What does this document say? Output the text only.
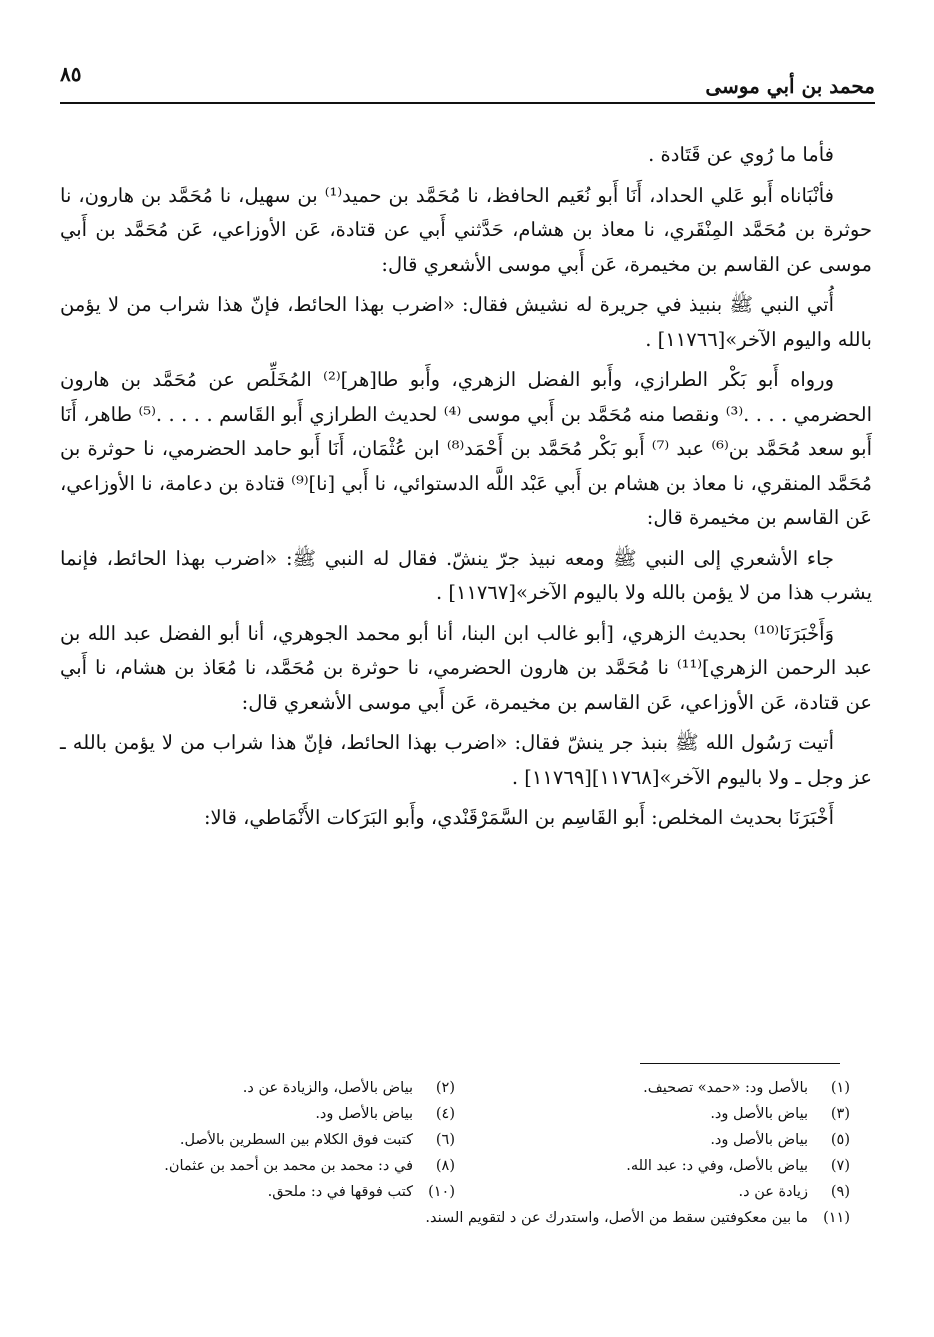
محمد بن أبي موسى
٨٥

فأما ما رُوي عن قَتَادة .

فأنْبَاناه أَبو عَلي الحداد، أَنَا أَبو نُعَيم الحافظ، نا مُحَمَّد بن حميد⁽¹⁾ بن سهيل، نا مُحَمَّد بن هارون، نا حوثرة بن مُحَمَّد المِنْقَري، نا معاذ بن هشام، حَدَّثني أَبي عن قتادة، عَن الأوزاعي، عَن مُحَمَّد بن أَبي موسى عن القاسم بن مخيمرة، عَن أَبي موسى الأشعري قال:

أُتي النبي ﷺ بنبيذ في جريرة له نشيش فقال: «اضرب بهذا الحائط، فإنّ هذا شراب من لا يؤمن بالله واليوم الآخر»[١١٧٦٦] .

ورواه أَبو بَكْر الطرازي، وأَبو الفضل الزهري، وأَبو طا[هر]⁽²⁾ المُخَلِّص عن مُحَمَّد بن هارون الحضرمي . . . .⁽³⁾ ونقصا منه مُحَمَّد بن أَبي موسى ⁽⁴⁾ لحديث الطرازي أَبو القَاسم . . . . .⁽⁵⁾ طاهر، أَنَا أَبو سعد مُحَمَّد بن⁽⁶⁾ عبد ⁽⁷⁾ أَبو بَكْر مُحَمَّد بن أَحْمَد⁽⁸⁾ ابن عُثْمَان، أَنَا أَبو حامد الحضرمي، نا حوثرة بن مُحَمَّد المنقري، نا معاذ بن هشام بن أَبي عَبْد اللَّه الدستوائي، نا أَبي [نا]⁽⁹⁾ قتادة بن دعامة، نا الأوزاعي، عَن القاسم بن مخيمرة قال:

جاء الأشعري إلى النبي ﷺ ومعه نبيذ جرّ ينشّ. فقال له النبي ﷺ: «اضرب بهذا الحائط، فإنما يشرب هذا من لا يؤمن بالله ولا باليوم الآخر»[١١٧٦٧] .

وَأَخْبَرَنَا⁽¹⁰⁾ بحديث الزهري، [أبو غالب ابن البنا، أنا أبو محمد الجوهري، أنا أبو الفضل عبد الله بن عبد الرحمن الزهري]⁽¹¹⁾ نا مُحَمَّد بن هارون الحضرمي، نا حوثرة بن مُحَمَّد، نا مُعَاذ بن هشام، نا أَبي عن قتادة، عَن الأوزاعي، عَن القاسم بن مخيمرة، عَن أَبي موسى الأشعري قال:

أتيت رَسُول الله ﷺ بنبذ جر ينشّ فقال: «اضرب بهذا الحائط، فإنّ هذا شراب من لا يؤمن بالله ـ عز وجل ـ ولا باليوم الآخر»[١١٧٦٨][١١٧٦٩] .

أَخْبَرَنَا بحديث المخلص: أَبو القَاسِم بن السَّمَرْقَنْدي، وأَبو البَرَكات الأَنْمَاطي، قالا:

(١)بالأصل ود: «حمد» تصحيف.
(٣)بياض بالأصل ود.
(٥)بياض بالأصل ود.
(٧)بياض بالأصل، وفي د: عبد الله.
(٩)زيادة عن د.
(٢)بياض بالأصل، والزيادة عن د.
(٤)بياض بالأصل ود.
(٦)كتبت فوق الكلام بين السطرين بالأصل.
(٨)في د: محمد بن محمد بن أحمد بن عثمان.
(١٠)كتب فوقها في د: ملحق.
(١١)ما بين معكوفتين سقط من الأصل، واستدرك عن د لتقويم السند.
